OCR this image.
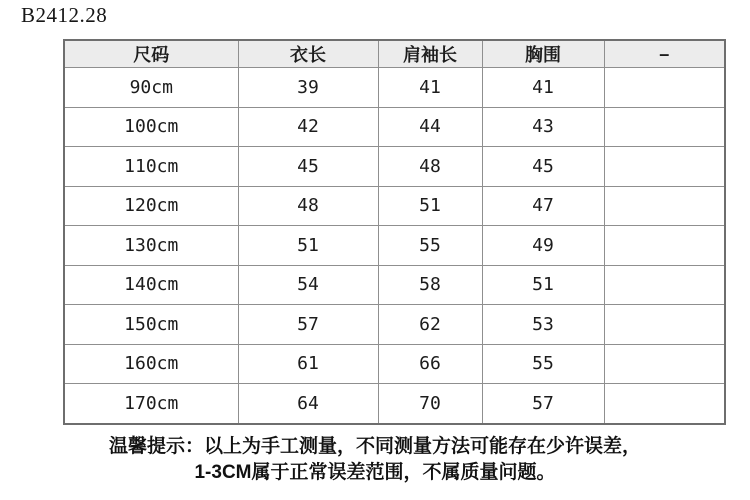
B2412.28
尺码	衣长	肩袖长	胸围	–
90cm	39	41	41	
100cm	42	44	43	
110cm	45	48	45	
120cm	48	51	47	
130cm	51	55	49	
140cm	54	58	51	
150cm	57	62	53	
160cm	61	66	55	
170cm	64	70	57	
温馨提示：以上为手工测量，不同测量方法可能存在少许误差，
1-3CM属于正常误差范围，不属质量问题。
